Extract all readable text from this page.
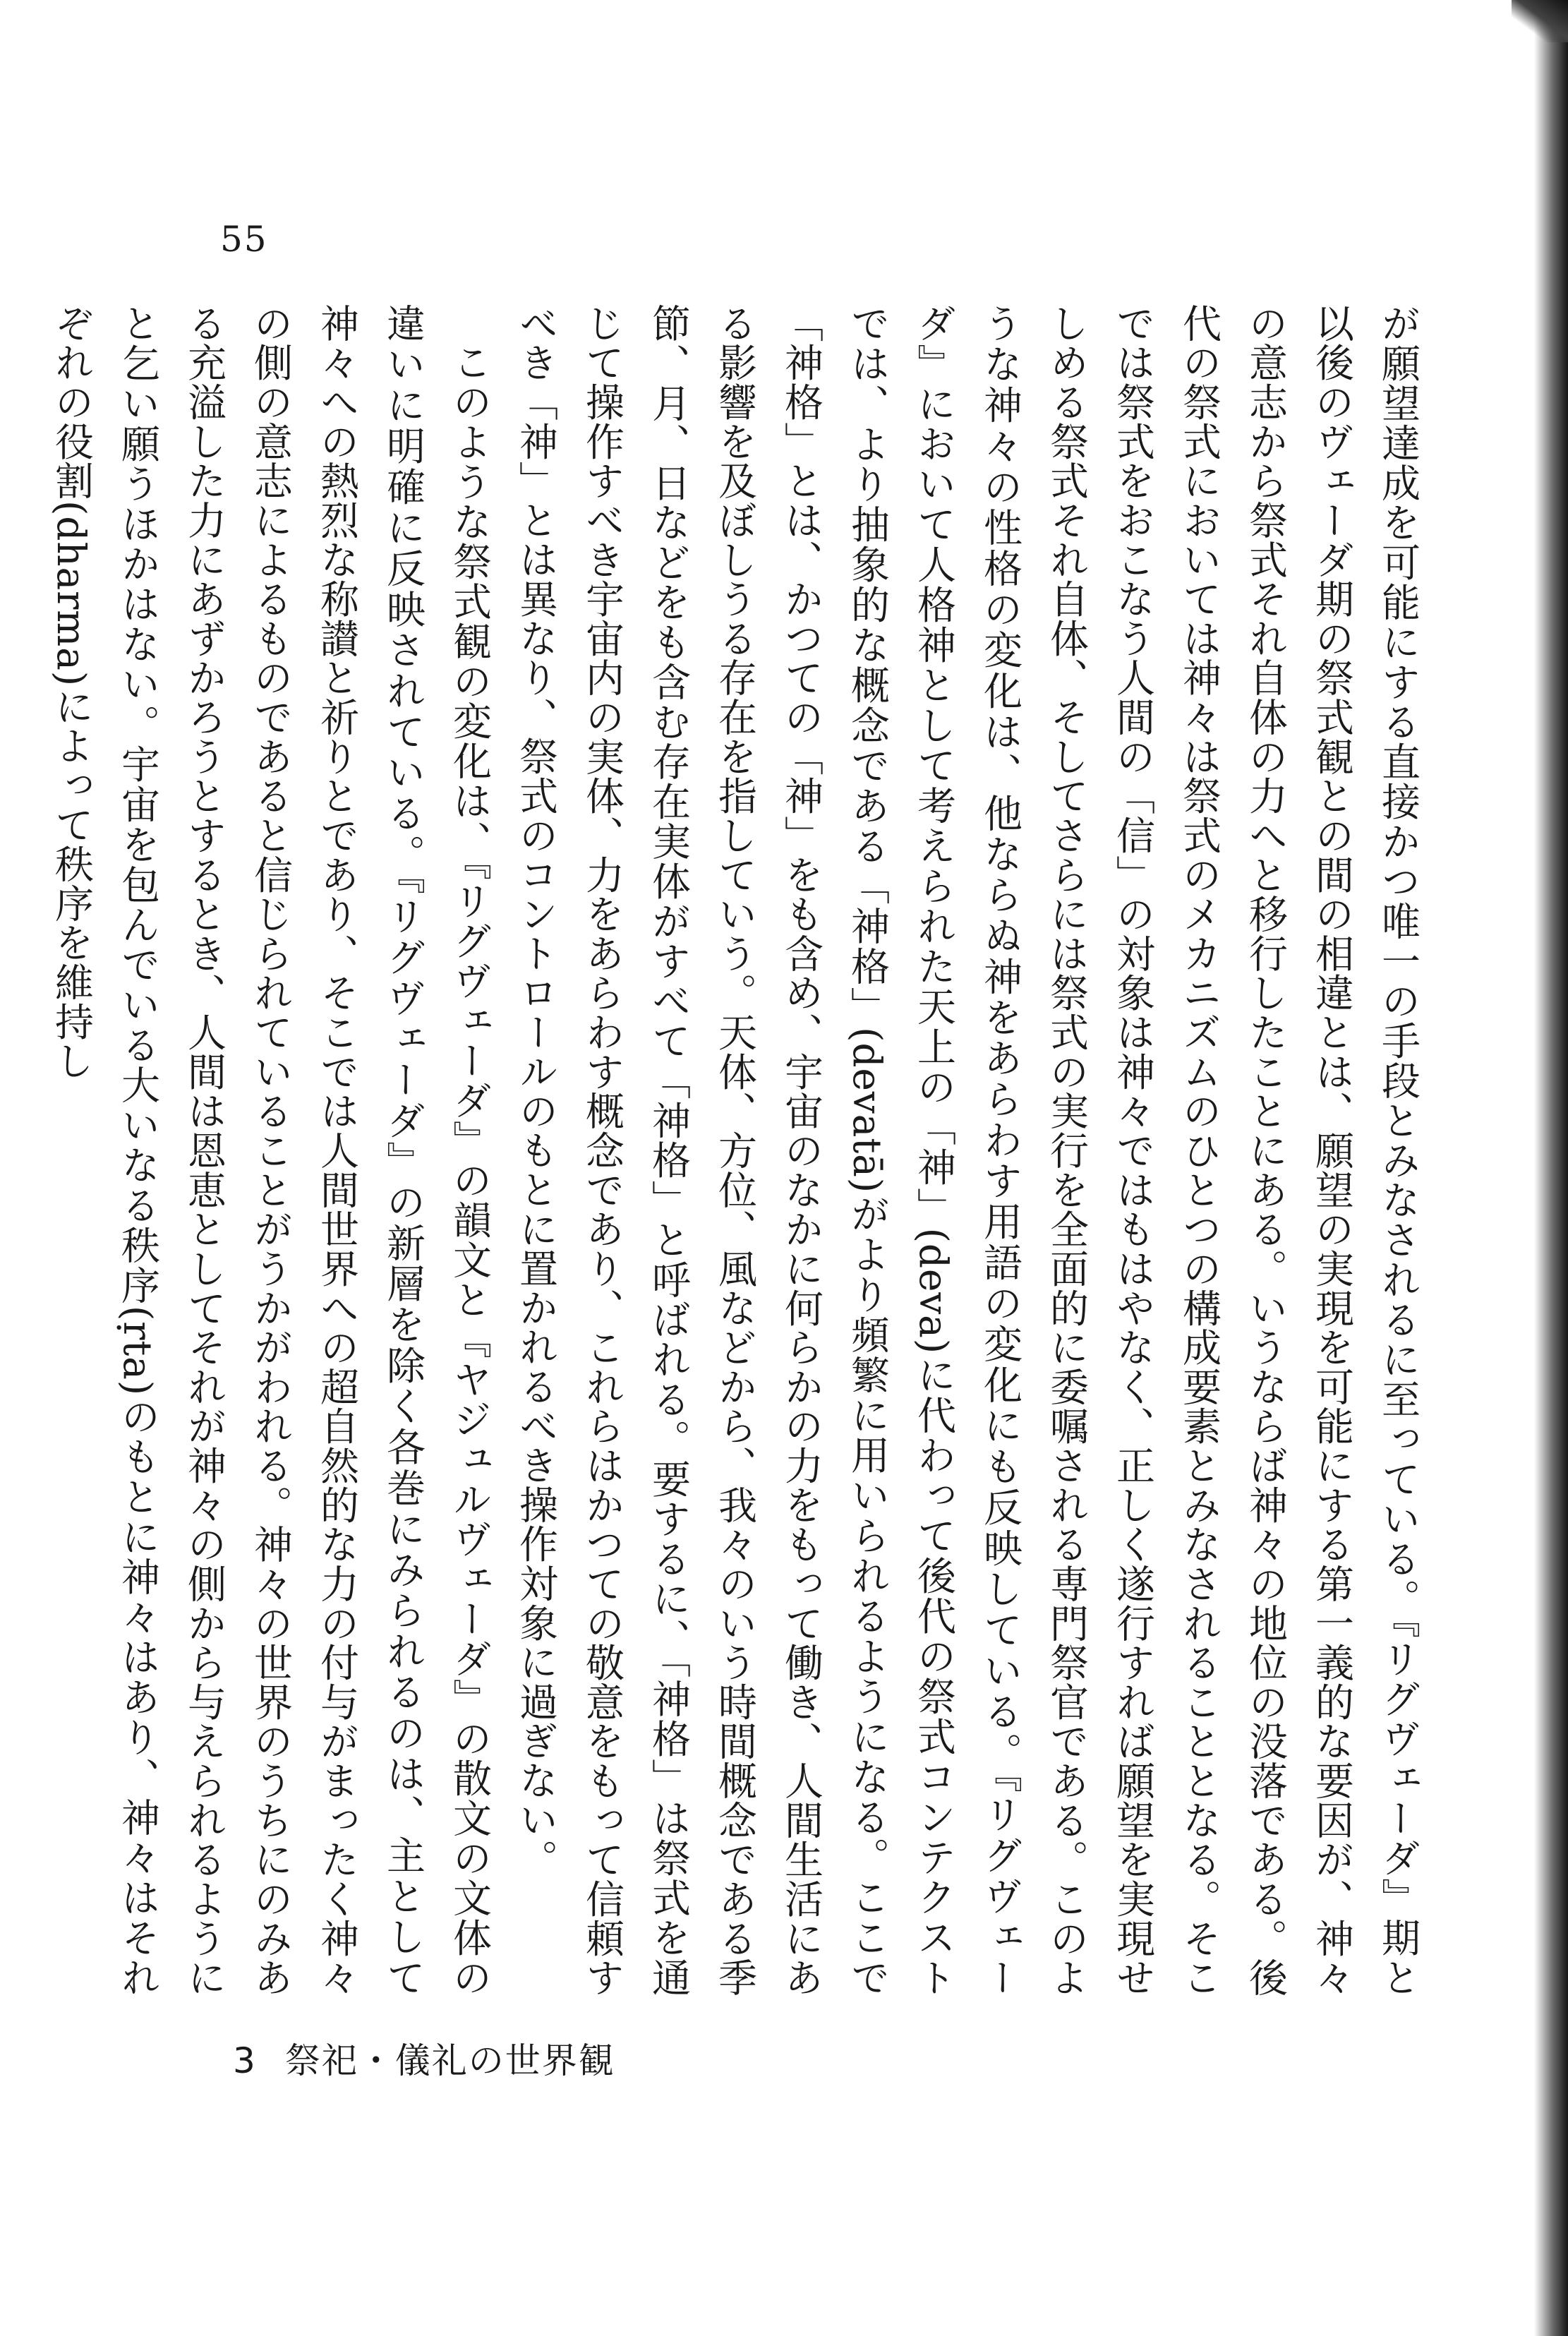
55

が願望達成を可能にする直接かつ唯一の手段とみなされるに至っている。『リグヴェーダ』期と以後のヴェーダ期の祭式観との間の相違とは、願望の実現を可能にする第一義的な要因が、神々の意志から祭式それ自体の力へと移行したことにある。いうならば神々の地位の没落である。後代の祭式においては神々は祭式のメカニズムのひとつの構成要素とみなされることとなる。そこでは祭式をおこなう人間の「信」の対象は神々ではもはやなく、正しく遂行すれば願望を実現せしめる祭式それ自体、そしてさらには祭式の実行を全面的に委嘱される専門祭官である。このような神々の性格の変化は、他ならぬ神をあらわす用語の変化にも反映している。『リグヴェーダ』において人格神として考えられた天上の「神」(deva)に代わって後代の祭式コンテクストでは、より抽象的な概念である「神格」(devatā)がより頻繁に用いられるようになる。ここで「神格」とは、かつての「神」をも含め、宇宙のなかに何らかの力をもって働き、人間生活にある影響を及ぼしうる存在を指していう。天体、方位、風などから、我々のいう時間概念である季節、月、日などをも含む存在実体がすべて「神格」と呼ばれる。要するに、「神格」は祭式を通じて操作すべき宇宙内の実体、力をあらわす概念であり、これらはかつての敬意をもって信頼すべき「神」とは異なり、祭式のコントロールのもとに置かれるべき操作対象に過ぎない。

このような祭式観の変化は、『リグヴェーダ』の韻文と『ヤジュルヴェーダ』の散文の文体の違いに明確に反映されている。『リグヴェーダ』の新層を除く各巻にみられるのは、主として神々への熱烈な称讃と祈りとであり、そこでは人間世界への超自然的な力の付与がまったく神々の側の意志によるものであると信じられていることがうかがわれる。神々の世界のうちにのみある充溢した力にあずかろうとするとき、人間は恩恵としてそれが神々の側から与えられるようにと乞い願うほかはない。宇宙を包んでいる大いなる秩序(ṛta)のもとに神々はあり、神々はそれぞれの役割(dharma)によって秩序を維持し

3 祭祀・儀礼の世界観
